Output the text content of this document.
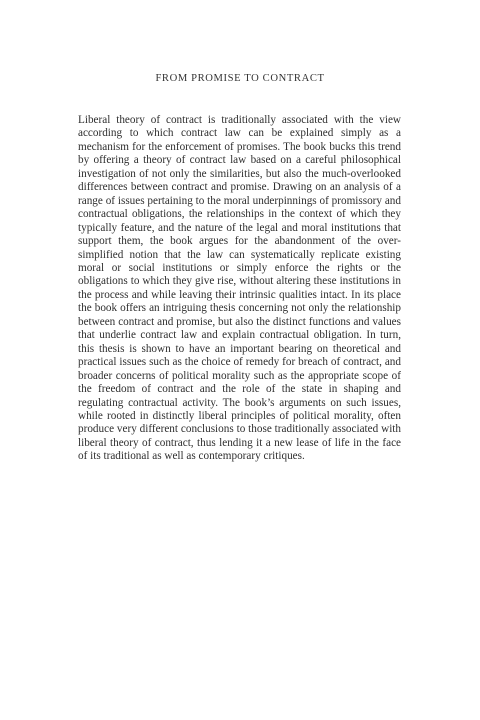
FROM PROMISE TO CONTRACT

Liberal theory of contract is traditionally associated with the view according to which contract law can be explained simply as a mechanism for the enforcement of promises. The book bucks this trend by offering a theory of contract law based on a careful philosophical investigation of not only the similarities, but also the much-overlooked differences between contract and promise. Drawing on an analysis of a range of issues pertaining to the moral underpinnings of promissory and contractual obligations, the relationships in the context of which they typically feature, and the nature of the legal and moral institutions that support them, the book argues for the abandonment of the over-simplified notion that the law can systematically replicate existing moral or social institutions or simply enforce the rights or the obligations to which they give rise, without altering these institutions in the process and while leaving their intrinsic qualities intact. In its place the book offers an intriguing thesis concerning not only the relationship between contract and promise, but also the distinct functions and values that underlie contract law and explain contractual obligation. In turn, this thesis is shown to have an important bearing on theoretical and practical issues such as the choice of remedy for breach of contract, and broader concerns of political morality such as the appropriate scope of the freedom of contract and the role of the state in shaping and regulating contractual activity. The book’s arguments on such issues, while rooted in distinctly liberal principles of political morality, often produce very different conclusions to those traditionally associated with liberal theory of contract, thus lending it a new lease of life in the face of its traditional as well as contemporary critiques.
